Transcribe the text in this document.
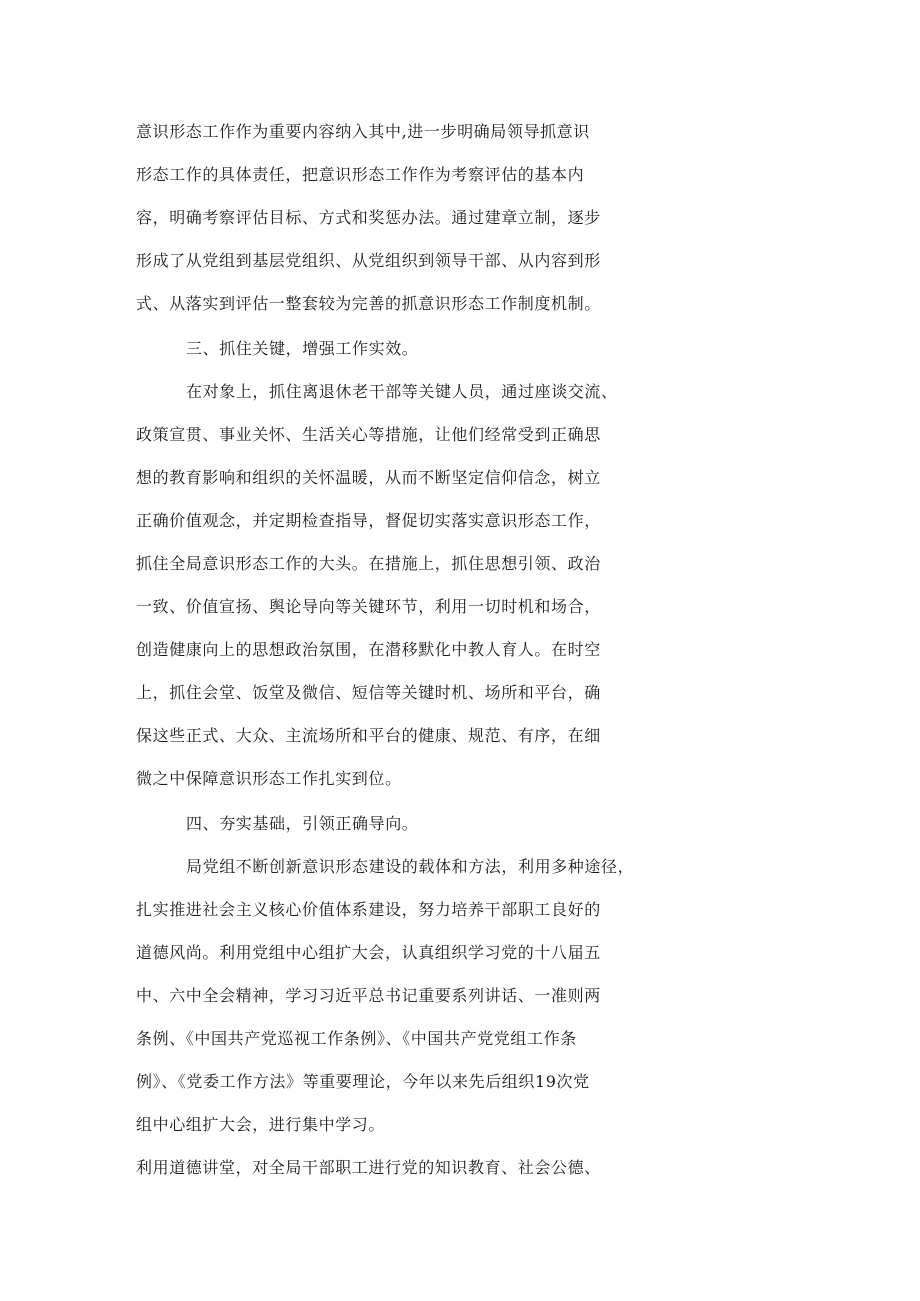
意识形态工作作为重要内容纳入其中,进一步明确局领导抓意识
形态工作的具体责任，把意识形态工作作为考察评估的基本内
容，明确考察评估目标、方式和奖惩办法。通过建章立制，逐步
形成了从党组到基层党组织、从党组织到领导干部、从内容到形
式、从落实到评估一整套较为完善的抓意识形态工作制度机制。
三、抓住关键，增强工作实效。
在对象上，抓住离退休老干部等关键人员，通过座谈交流、
政策宣贯、事业关怀、生活关心等措施，让他们经常受到正确思
想的教育影响和组织的关怀温暖，从而不断坚定信仰信念，树立
正确价值观念，并定期检查指导，督促切实落实意识形态工作，
抓住全局意识形态工作的大头。在措施上，抓住思想引领、政治
一致、价值宣扬、舆论导向等关键环节，利用一切时机和场合，
创造健康向上的思想政治氛围，在潜移默化中教人育人。在时空
上，抓住会堂、饭堂及微信、短信等关键时机、场所和平台，确
保这些正式、大众、主流场所和平台的健康、规范、有序，在细
微之中保障意识形态工作扎实到位。
四、夯实基础，引领正确导向。
局党组不断创新意识形态建设的载体和方法，利用多种途径，
扎实推进社会主义核心价值体系建设，努力培养干部职工良好的
道德风尚。利用党组中心组扩大会，认真组织学习党的十八届五
中、六中全会精神，学习习近平总书记重要系列讲话、一准则两
条例、《中国共产党巡视工作条例》、《中国共产党党组工作条
例》、《党委工作方法》等重要理论，今年以来先后组织19次党
组中心组扩大会，进行集中学习。
利用道德讲堂，对全局干部职工进行党的知识教育、社会公德、
